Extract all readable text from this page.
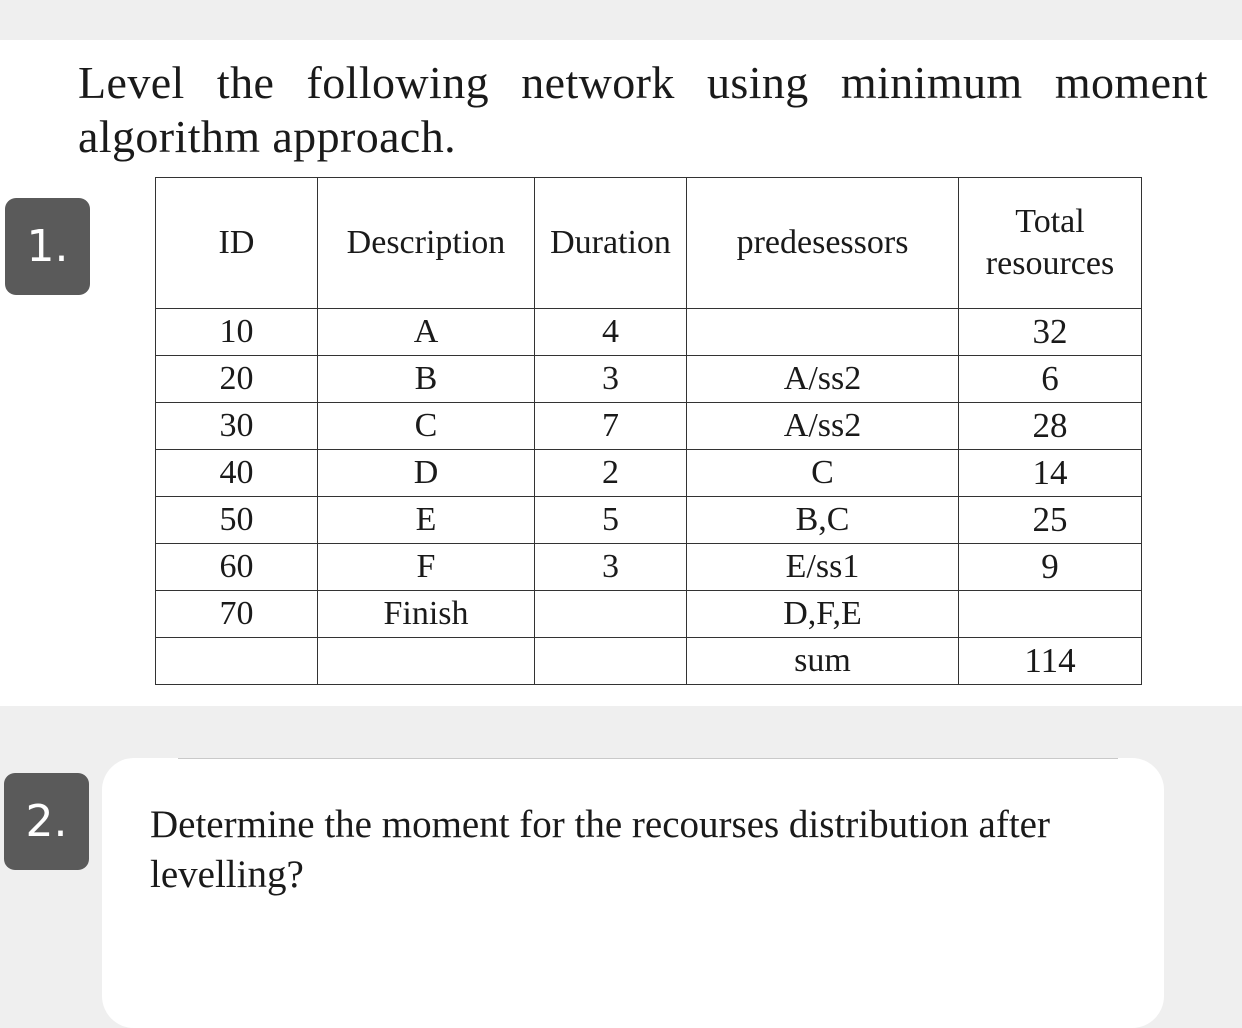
Level the following network using minimum moment algorithm approach.

1.	ID	Description	Duration	predesessors	Total
resources
10	A	4		32
20	B	3	A/ss2	6
30	C	7	A/ss2	28
40	D	2	C	14
50	E	5	B,C	25
60	F	3	E/ss1	9
70	Finish		D,F,E	
			sum	114
2.	Determine the moment for the recourses distribution after levelling?
